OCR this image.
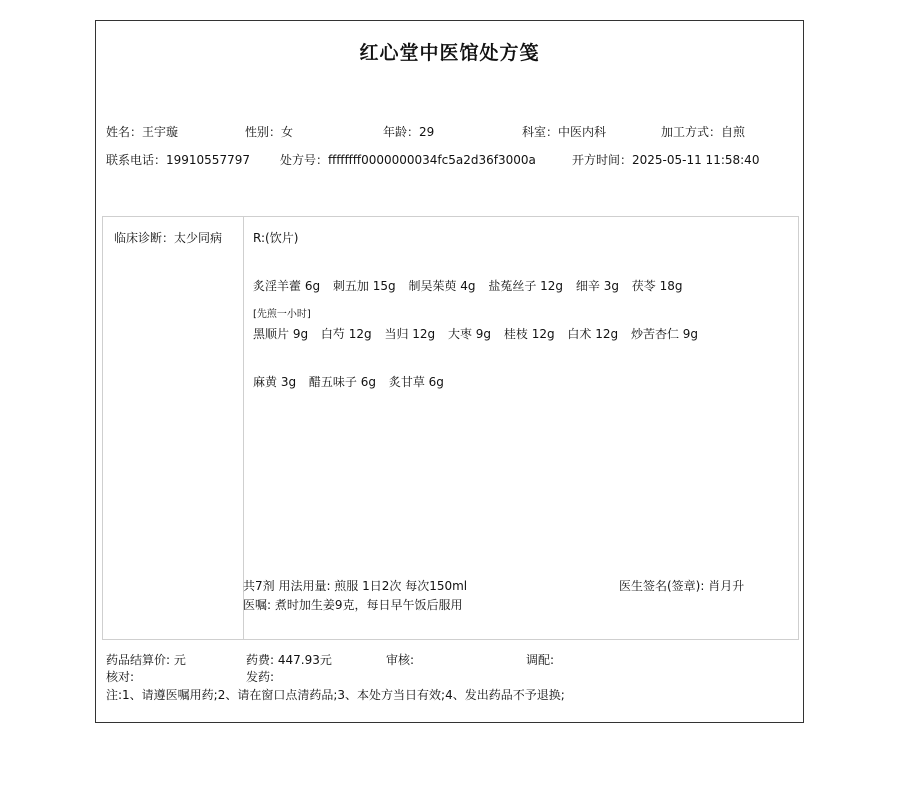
红心堂中医馆处方笺
姓名：王宇璇	性别：女	年龄：29	科室：中医内科	加工方式：自煎
联系电话：19910557797	处方号：ffffffff0000000034fc5a2d36f3000a	开方时间：2025-05-11 11:58:40
临床诊断：太少同病	R:(饮片)
炙淫羊藿 6g 刺五加 15g 制吴茱萸 4g 盐菟丝子 12g 细辛 3g 茯苓 18g
[先煎一小时]
黑顺片 9g 白芍 12g 当归 12g 大枣 9g 桂枝 12g 白术 12g 炒苦杏仁 9g
麻黄 3g 醋五味子 6g 炙甘草 6g
共7剂 用法用量: 煎服 1日2次 每次150ml	医生签名(签章): 肖月升
医嘱: 煮时加生姜9克，每日早午饭后服用
药品结算价: 元	药费: 447.93元	审核:	调配:
核对:	发药:
注:1、请遵医嘱用药;2、请在窗口点清药品;3、本处方当日有效;4、发出药品不予退换;
